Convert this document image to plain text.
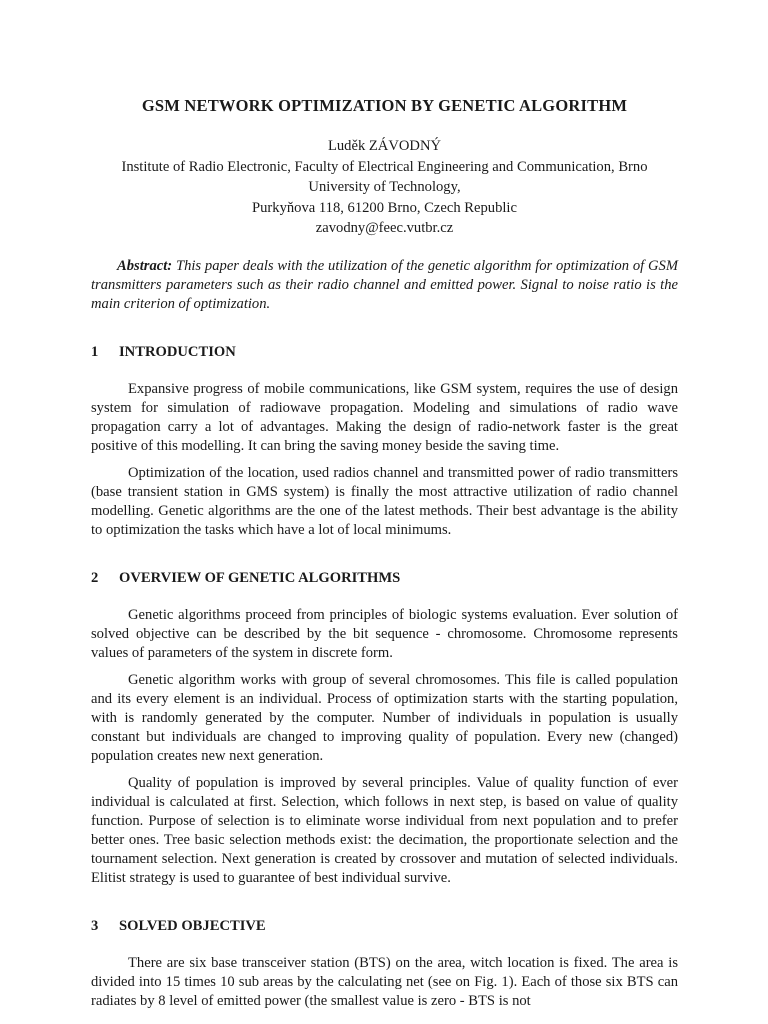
GSM NETWORK OPTIMIZATION BY GENETIC ALGORITHM
Luděk ZÁVODNÝ
Institute of Radio Electronic, Faculty of Electrical Engineering and Communication, Brno University of Technology,
Purkyňova 118, 61200 Brno, Czech Republic
zavodny@feec.vutbr.cz
Abstract: This paper deals with the utilization of the genetic algorithm for optimization of GSM transmitters parameters such as their radio channel and emitted power. Signal to noise ratio is the main criterion of optimization.
1	INTRODUCTION
Expansive progress of mobile communications, like GSM system, requires the use of design system for simulation of radiowave propagation. Modeling and simulations of radio wave propagation carry a lot of advantages. Making the design of radio-network faster is the great positive of this modelling. It can bring the saving money beside the saving time.
Optimization of the location, used radios channel and transmitted power of radio transmitters (base transient station in GMS system) is finally the most attractive utilization of radio channel modelling. Genetic algorithms are the one of the latest methods. Their best advantage is the ability to optimization the tasks which have a lot of local minimums.
2	OVERVIEW OF GENETIC ALGORITHMS
Genetic algorithms proceed from principles of biologic systems evaluation. Ever solution of solved objective can be described by the bit sequence - chromosome. Chromosome represents values of parameters of the system in discrete form.
Genetic algorithm works with group of several chromosomes. This file is called population and its every element is an individual. Process of optimization starts with the starting population, with is randomly generated by the computer. Number of individuals in population is usually constant but individuals are changed to improving quality of population. Every new (changed) population creates new next generation.
Quality of population is improved by several principles. Value of quality function of ever individual is calculated at first. Selection, which follows in next step, is based on value of quality function. Purpose of selection is to eliminate worse individual from next population and to prefer better ones. Tree basic selection methods exist: the decimation, the proportionate selection and the tournament selection. Next generation is created by crossover and mutation of selected individuals. Elitist strategy is used to guarantee of best individual survive.
3	SOLVED OBJECTIVE
There are six base transceiver station (BTS) on the area, witch location is fixed. The area is divided into 15 times 10 sub areas by the calculating net (see on Fig. 1). Each of those six BTS can radiates by 8 level of emitted power (the smallest value is zero - BTS is not
